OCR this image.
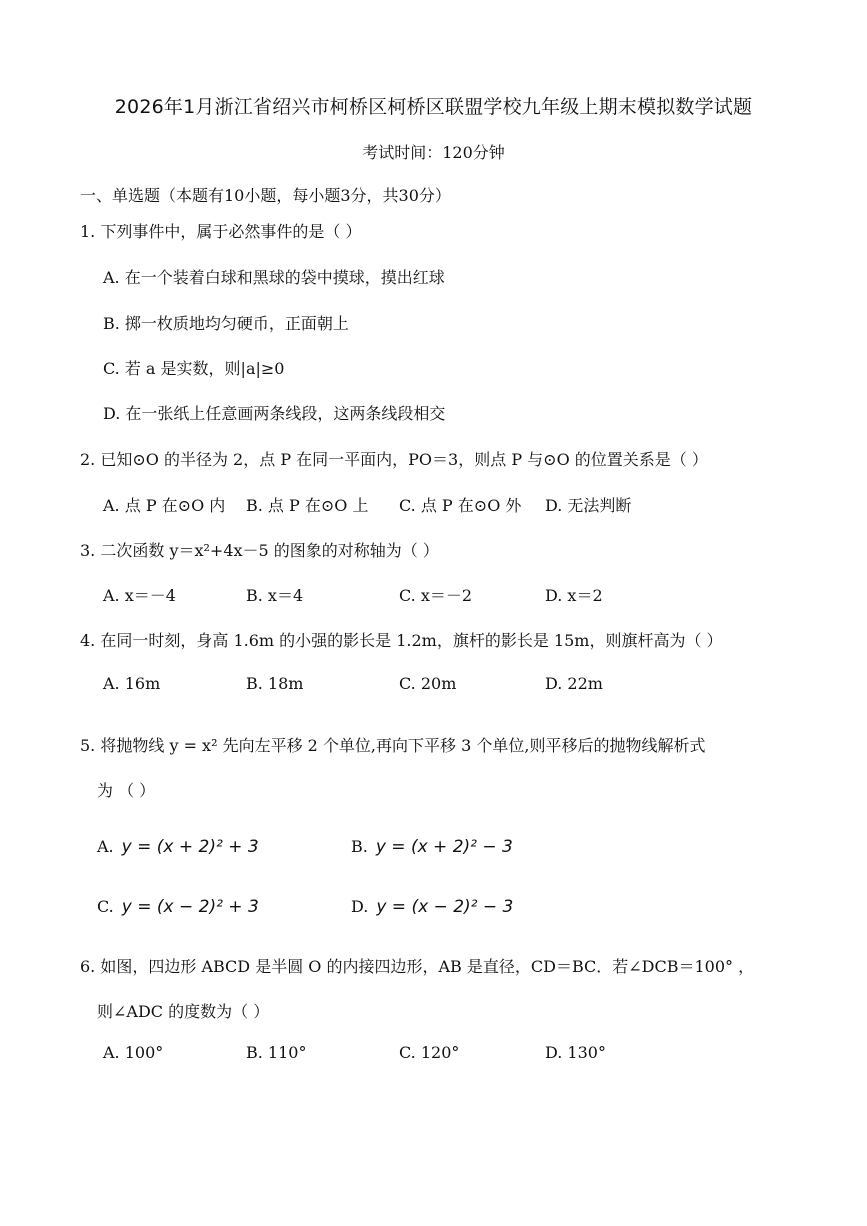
2026年1月浙江省绍兴市柯桥区柯桥区联盟学校九年级上期末模拟数学试题
考试时间：120分钟
一、单选题（本题有10小题，每小题3分，共30分）
1. 下列事件中，属于必然事件的是（ ）
A. 在一个装着白球和黑球的袋中摸球，摸出红球
B. 掷一枚质地均匀硬币，正面朝上
C. 若 a 是实数，则|a|≥0
D. 在一张纸上任意画两条线段，这两条线段相交
2. 已知⊙O 的半径为 2，点 P 在同一平面内，PO＝3，则点 P 与⊙O 的位置关系是（ ）
A. 点 P 在⊙O 内 B. 点 P 在⊙O 上 C. 点 P 在⊙O 外 D. 无法判断
3. 二次函数 y＝x²+4x－5 的图象的对称轴为（ ）
A. x＝－4	B. x＝4	C. x＝－2	D. x＝2
4. 在同一时刻，身高 1.6m 的小强的影长是 1.2m，旗杆的影长是 15m，则旗杆高为（ ）
A. 16m	B. 18m	C. 20m	D. 22m
5. 将抛物线 y = x² 先向左平移 2 个单位,再向下平移 3 个单位,则平移后的抛物线解析式
为 （ ）
A. y = (x + 2)² + 3	B. y = (x + 2)² − 3
C. y = (x − 2)² + 3	D. y = (x − 2)² − 3
6. 如图，四边形 ABCD 是半圆 O 的内接四边形，AB 是直径，CD＝BC．若∠DCB＝100° ，
则∠ADC 的度数为（ ）
A. 100°	B. 110°	C. 120°	D. 130°
